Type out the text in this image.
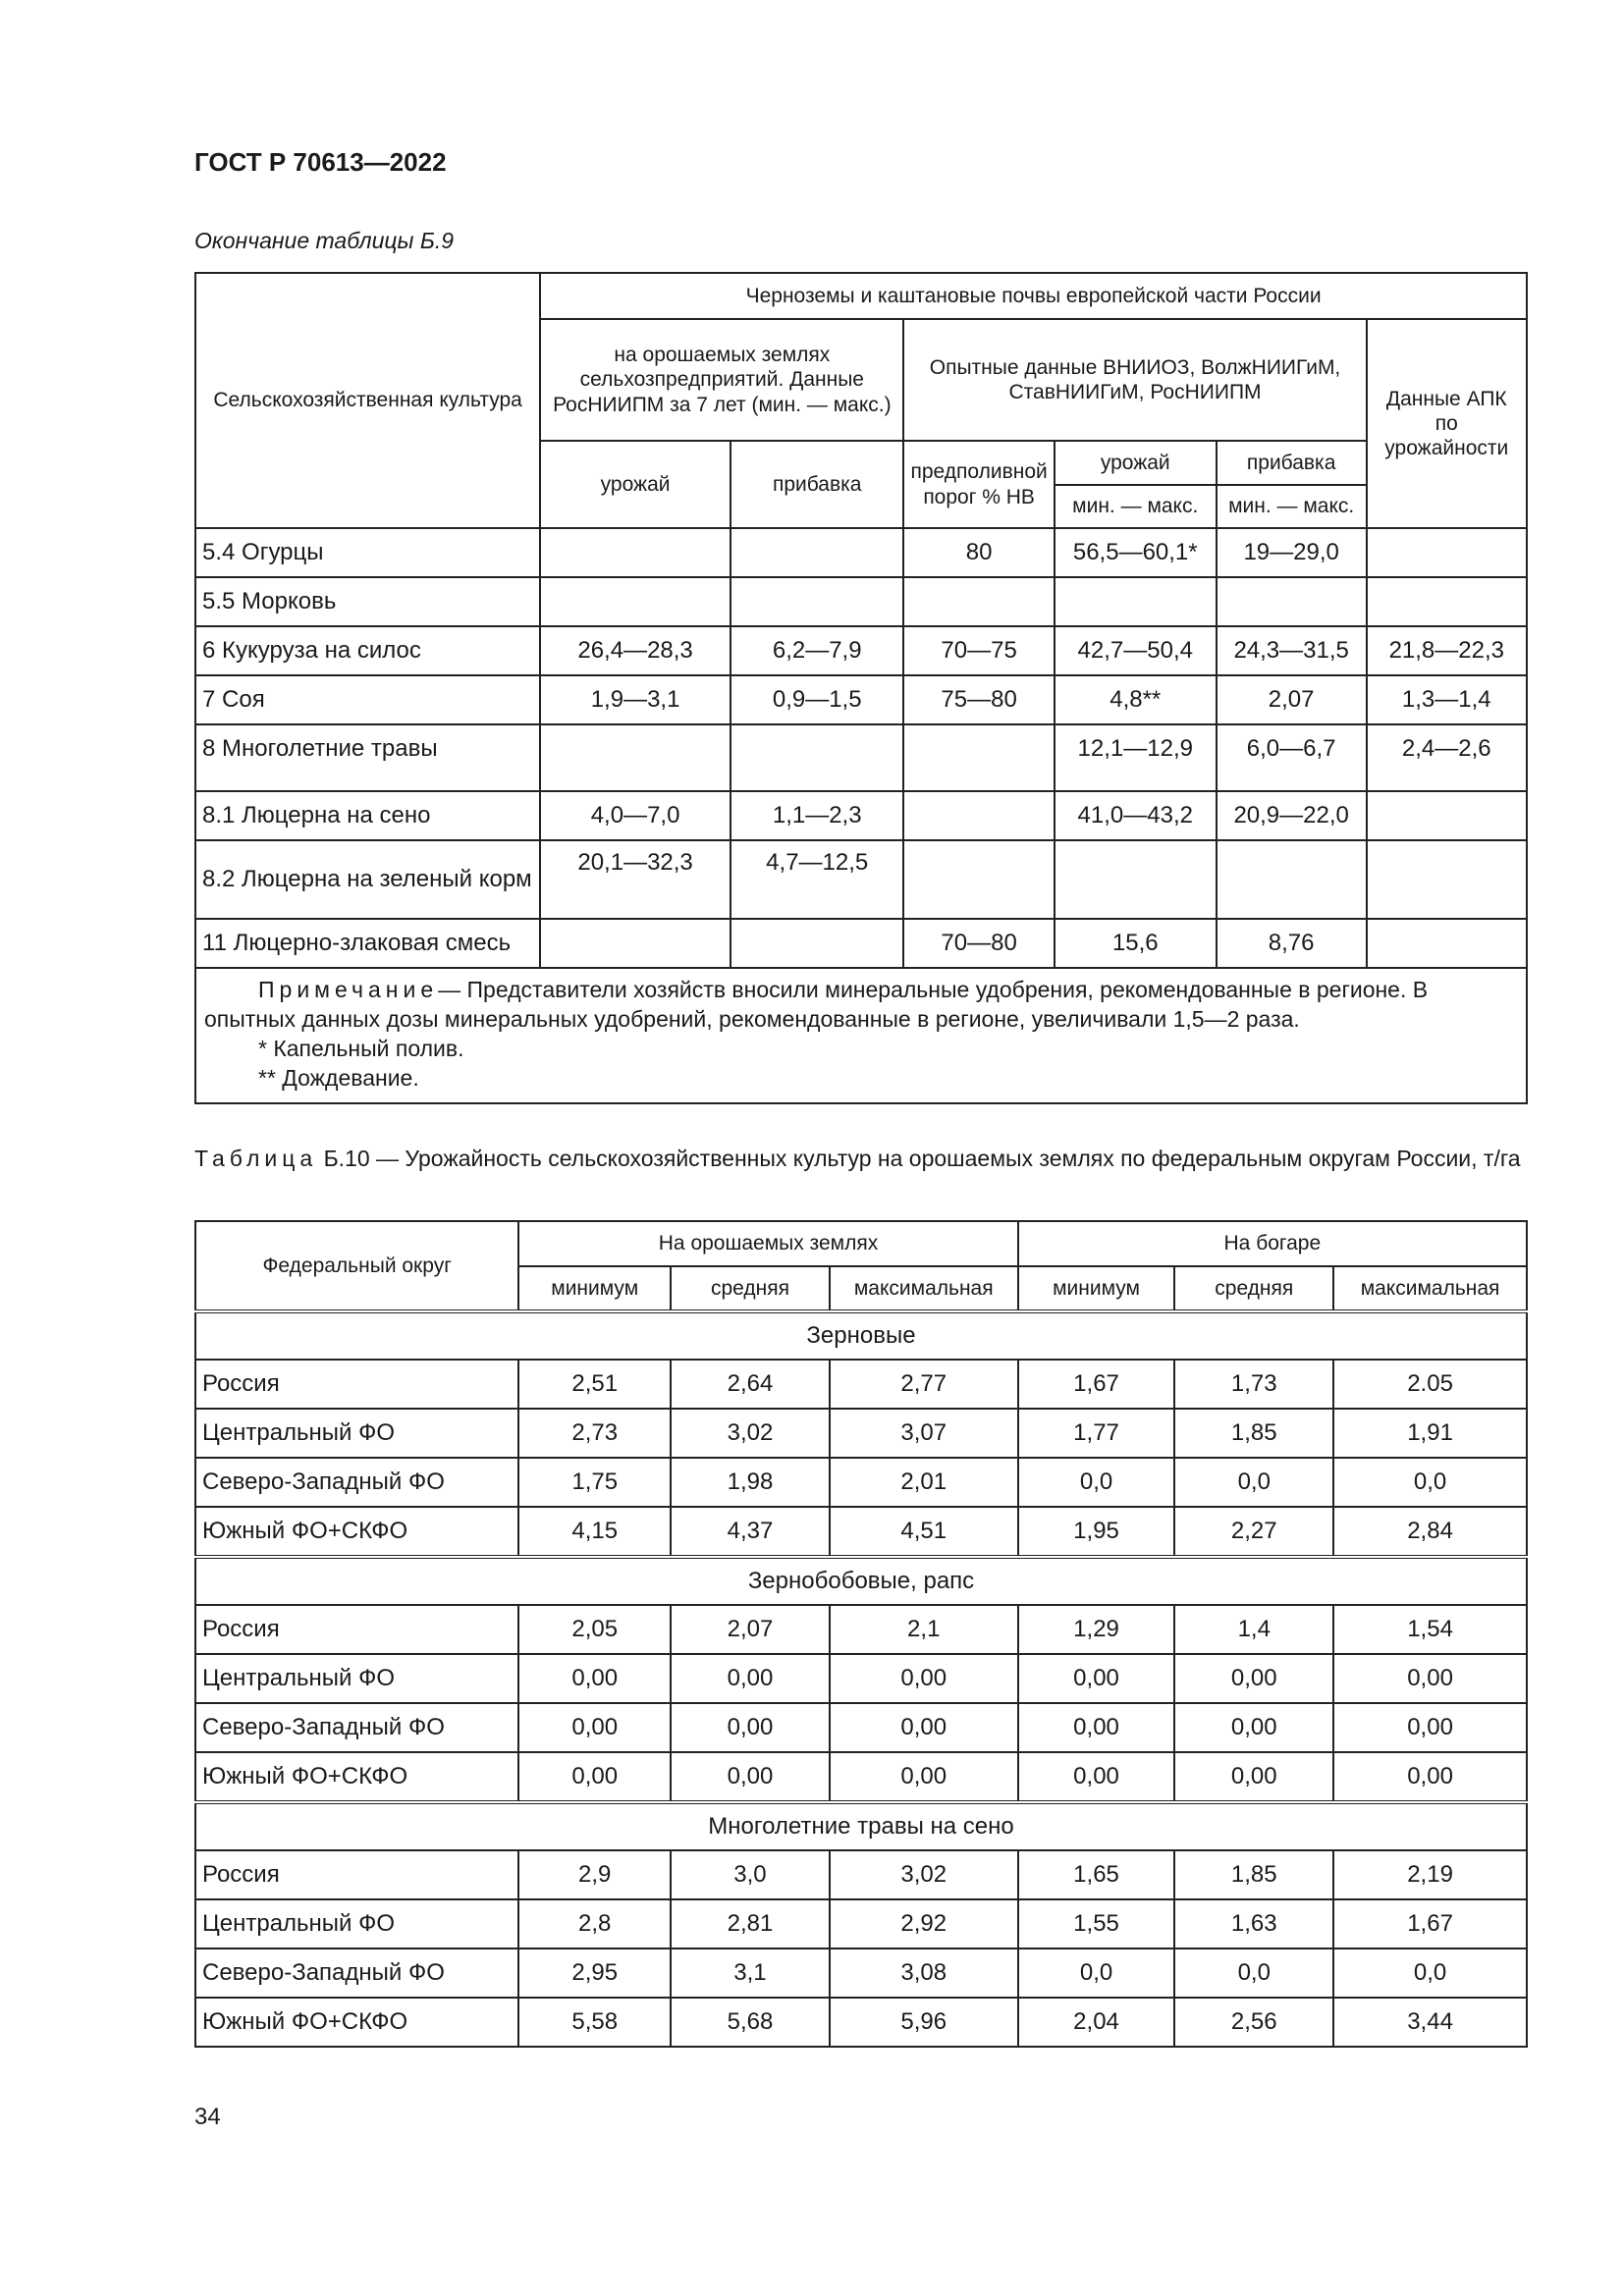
ГОСТ Р 70613—2022
Окончание таблицы Б.9
Сельскохозяйственная культура	Черноземы и каштановые почвы европейской части России					
	на орошаемых землях сельхозпредприятий. Данные РосНИИПМ за 7 лет (мин. — макс.)		Опытные данные ВНИИОЗ, ВолжНИИГиМ, СтавНИИГиМ, РосНИИПМ			Данные АПК по урожайности
	урожай	прибавка	предполивной порог % НВ	урожай	прибавка	
				мин. — макс.	мин. — макс.	
5.4 Огурцы			80	56,5—60,1*	19—29,0	
5.5 Морковь						
6 Кукуруза на силос	26,4—28,3	6,2—7,9	70—75	42,7—50,4	24,3—31,5	21,8—22,3
7 Соя	1,9—3,1	0,9—1,5	75—80	4,8**	2,07	1,3—1,4
8 Многолетние травы				12,1—12,9	6,0—6,7	2,4—2,6
8.1 Люцерна на сено	4,0—7,0	1,1—2,3		41,0—43,2	20,9—22,0	
8.2 Люцерна на зеленый корм	20,1—32,3	4,7—12,5				
11 Люцерно-злаковая смесь			70—80	15,6	8,76	

Примечание— Представители хозяйств вносили минеральные удобрения, рекомендованные в регионе. В опытных данных дозы минеральных удобрений, рекомендованные в регионе, увеличивали 1,5—2 раза.
* Капельный полив.
** Дождевание.						
Таблица Б.10 — Урожайность сельскохозяйственных культур на орошаемых землях по федеральным округам России, т/га
Федеральный округ	На орошаемых землях			На богаре		
	минимум	средняя	максимальная	минимум	средняя	максимальная
Зерновые						
Россия	2,51	2,64	2,77	1,67	1,73	2.05
Центральный ФО	2,73	3,02	3,07	1,77	1,85	1,91
Северо-Западный ФО	1,75	1,98	2,01	0,0	0,0	0,0
Южный ФО+СКФО	4,15	4,37	4,51	1,95	2,27	2,84
Зернобобовые, рапс						
Россия	2,05	2,07	2,1	1,29	1,4	1,54
Центральный ФО	0,00	0,00	0,00	0,00	0,00	0,00
Северо-Западный ФО	0,00	0,00	0,00	0,00	0,00	0,00
Южный ФО+СКФО	0,00	0,00	0,00	0,00	0,00	0,00
Многолетние травы на сено						
Россия	2,9	3,0	3,02	1,65	1,85	2,19
Центральный ФО	2,8	2,81	2,92	1,55	1,63	1,67
Северо-Западный ФО	2,95	3,1	3,08	0,0	0,0	0,0
Южный ФО+СКФО	5,58	5,68	5,96	2,04	2,56	3,44
34
